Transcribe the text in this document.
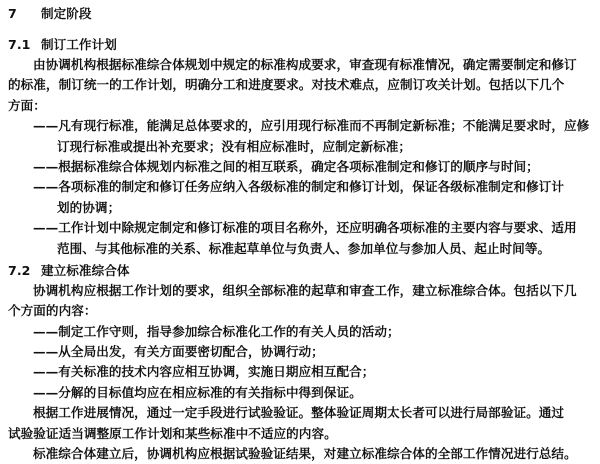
7 制定阶段
7.1 制订工作计划
由协调机构根据标准综合体规划中规定的标准构成要求，审查现有标准情况，确定需要制定和修订
的标准，制订统一的工作计划，明确分工和进度要求。对技术难点，应制订攻关计划。包括以下几个
方面：
——凡有现行标准，能满足总体要求的，应引用现行标准而不再制定新标准；不能满足要求时，应修
订现行标准或提出补充要求；没有相应标准时，应制定新标准；
——根据标准综合体规划内标准之间的相互联系，确定各项标准制定和修订的顺序与时间；
——各项标准的制定和修订任务应纳入各级标准的制定和修订计划，保证各级标准制定和修订计
划的协调；
——工作计划中除规定制定和修订标准的项目名称外，还应明确各项标准的主要内容与要求、适用
范围、与其他标准的关系、标准起草单位与负责人、参加单位与参加人员、起止时间等。
7.2 建立标准综合体
协调机构应根据工作计划的要求，组织全部标准的起草和审查工作，建立标准综合体。包括以下几
个方面的内容：
——制定工作守则，指导参加综合标准化工作的有关人员的活动；
——从全局出发，有关方面要密切配合，协调行动；
——有关标准的技术内容应相互协调，实施日期应相互配合；
——分解的目标值均应在相应标准的有关指标中得到保证。
根据工作进展情况，通过一定手段进行试验验证。整体验证周期太长者可以进行局部验证。通过
试验验证适当调整原工作计划和某些标准中不适应的内容。
标准综合体建立后，协调机构应根据试验验证结果，对建立标准综合体的全部工作情况进行总结。
